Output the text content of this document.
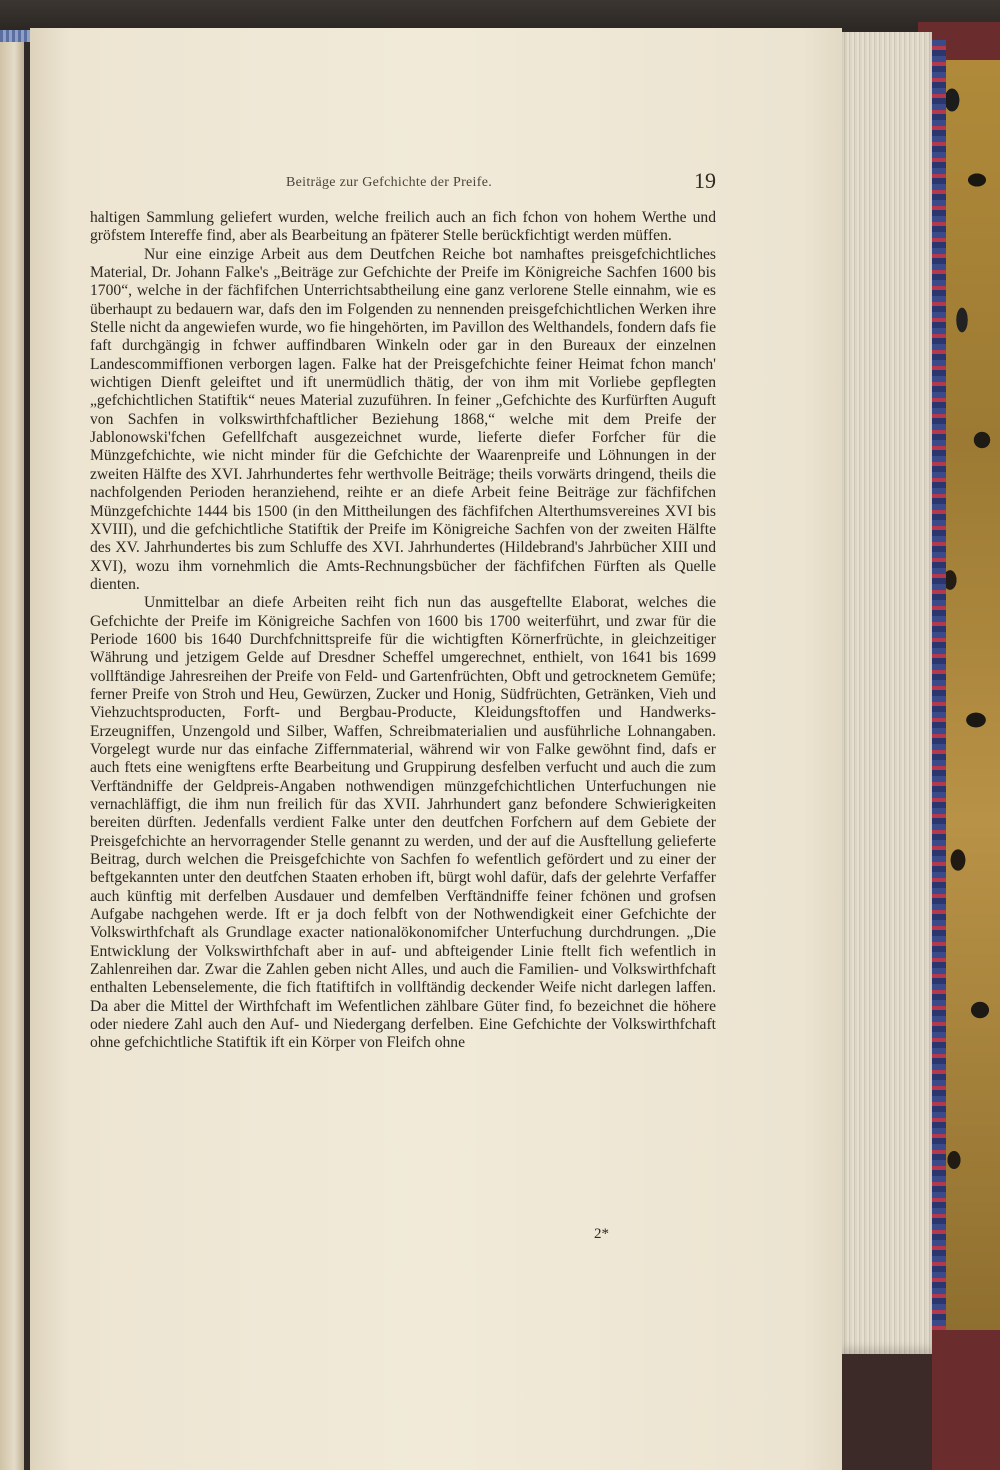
Beiträge zur Gefchichte der Preife.	19

haltigen Sammlung geliefert wurden, welche freilich auch an fich fchon von hohem Werthe und gröfstem Intereffe find, aber als Bearbeitung an fpäterer Stelle berückfichtigt werden müffen.

Nur eine einzige Arbeit aus dem Deutfchen Reiche bot namhaftes preisgefchichtliches Material, Dr. Johann Falke's „Beiträge zur Gefchichte der Preife im Königreiche Sachfen 1600 bis 1700“, welche in der fächfifchen Unterrichtsabtheilung eine ganz verlorene Stelle einnahm, wie es überhaupt zu bedauern war, dafs den im Folgenden zu nennenden preisgefchichtlichen Werken ihre Stelle nicht da angewiefen wurde, wo fie hingehörten, im Pavillon des Welthandels, fondern dafs fie faft durchgängig in fchwer auffindbaren Winkeln oder gar in den Bureaux der einzelnen Landescommiffionen verborgen lagen. Falke hat der Preisgefchichte feiner Heimat fchon manch' wichtigen Dienft geleiftet und ift unermüdlich thätig, der von ihm mit Vorliebe gepflegten „gefchichtlichen Statiftik“ neues Material zuzuführen. In feiner „Gefchichte des Kurfürften Auguft von Sachfen in volkswirthfchaftlicher Beziehung 1868,“ welche mit dem Preife der Jablonowski'fchen Gefellfchaft ausgezeichnet wurde, lieferte diefer Forfcher für die Münzgefchichte, wie nicht minder für die Gefchichte der Waarenpreife und Löhnungen in der zweiten Hälfte des XVI. Jahrhundertes fehr werthvolle Beiträge; theils vorwärts dringend, theils die nachfolgenden Perioden heranziehend, reihte er an diefe Arbeit feine Beiträge zur fächfifchen Münzgefchichte 1444 bis 1500 (in den Mittheilungen des fächfifchen Alterthumsvereines XVI bis XVIII), und die gefchichtliche Statiftik der Preife im Königreiche Sachfen von der zweiten Hälfte des XV. Jahrhundertes bis zum Schluffe des XVI. Jahrhundertes (Hildebrand's Jahrbücher XIII und XVI), wozu ihm vornehmlich die Amts-Rechnungsbücher der fächfifchen Fürften als Quelle dienten.

Unmittelbar an diefe Arbeiten reiht fich nun das ausgeftellte Elaborat, welches die Gefchichte der Preife im Königreiche Sachfen von 1600 bis 1700 weiterführt, und zwar für die Periode 1600 bis 1640 Durchfchnittspreife für die wichtigften Körnerfrüchte, in gleichzeitiger Währung und jetzigem Gelde auf Dresdner Scheffel umgerechnet, enthielt, von 1641 bis 1699 vollftändige Jahresreihen der Preife von Feld- und Gartenfrüchten, Obft und getrocknetem Gemüfe; ferner Preife von Stroh und Heu, Gewürzen, Zucker und Honig, Südfrüchten, Getränken, Vieh und Viehzuchtsproducten, Forft- und Bergbau-Producte, Kleidungsftoffen und Handwerks-Erzeugniffen, Unzengold und Silber, Waffen, Schreibmaterialien und ausführliche Lohnangaben. Vorgelegt wurde nur das einfache Ziffernmaterial, während wir von Falke gewöhnt find, dafs er auch ftets eine wenigftens erfte Bearbeitung und Gruppirung desfelben verfucht und auch die zum Verftändniffe der Geldpreis-Angaben nothwendigen münzgefchichtlichen Unterfuchungen nie vernachläffigt, die ihm nun freilich für das XVII. Jahrhundert ganz befondere Schwierigkeiten bereiten dürften. Jedenfalls verdient Falke unter den deutfchen Forfchern auf dem Gebiete der Preisgefchichte an hervorragender Stelle genannt zu werden, und der auf die Ausftellung gelieferte Beitrag, durch welchen die Preisgefchichte von Sachfen fo wefentlich gefördert und zu einer der beftgekannten unter den deutfchen Staaten erhoben ift, bürgt wohl dafür, dafs der gelehrte Verfaffer auch künftig mit derfelben Ausdauer und demfelben Verftändniffe feiner fchönen und grofsen Aufgabe nachgehen werde. Ift er ja doch felbft von der Nothwendigkeit einer Gefchichte der Volkswirthfchaft als Grundlage exacter nationalökonomifcher Unterfuchung durchdrungen. „Die Entwicklung der Volkswirthfchaft aber in auf- und abfteigender Linie ftellt fich wefentlich in Zahlenreihen dar. Zwar die Zahlen geben nicht Alles, und auch die Familien- und Volkswirthfchaft enthalten Lebenselemente, die fich ftatiftifch in vollftändig deckender Weife nicht darlegen laffen. Da aber die Mittel der Wirthfchaft im Wefentlichen zählbare Güter find, fo bezeichnet die höhere oder niedere Zahl auch den Auf- und Niedergang derfelben. Eine Gefchichte der Volkswirthfchaft ohne gefchichtliche Statiftik ift ein Körper von Fleifch ohne

2*
